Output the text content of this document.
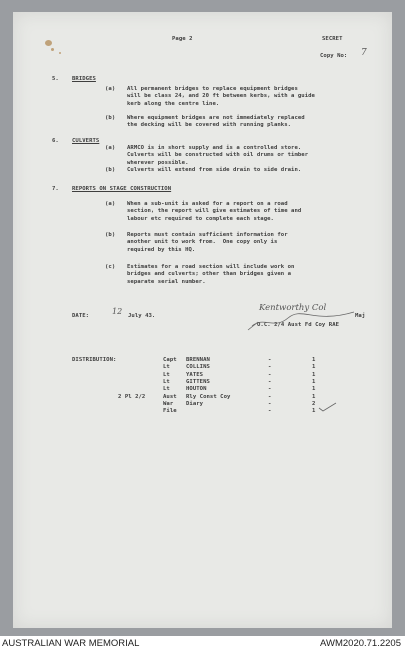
Page 2	SECRET
Copy No: 7
5. BRIDGES
(a) All permanent bridges to replace equipment bridges
will be class 24, and 20 ft between kerbs, with a guide
kerb along the centre line.
(b) Where equipment bridges are not immediately replaced
the decking will be covered with running planks.
6. CULVERTS
(a) ARMCO is in short supply and is a controlled store.
Culverts will be constructed with oil drums or timber
wherever possible.
(b) Culverts will extend from side drain to side drain.
7. REPORTS ON STAGE CONSTRUCTION
(a) When a sub-unit is asked for a report on a road
section, the report will give estimates of time and
labour etc required to complete each stage.
(b) Reports must contain sufficient information for
another unit to work from.  One copy only is
required by this HQ.
(c) Estimates for a road section will include work on
bridges and culverts; other than bridges given a
separate serial number.
DATE:	12 July 43.
Kentworthy Col
Maj
O.C. 2/4 Aust Fd Coy RAE
DISTRIBUTION:	Capt BRENNAN	-	1
Lt	COLLINS	-	1
Lt	YATES	-	1
Lt	GITTENS	-	1
Lt	HOUTON	-	1
2 Pl 2/2	Aust Rly Const Coy	-	1
War Diary	-	2
File	-	1
AUSTRALIAN WAR MEMORIAL	AWM2020.71.2205
